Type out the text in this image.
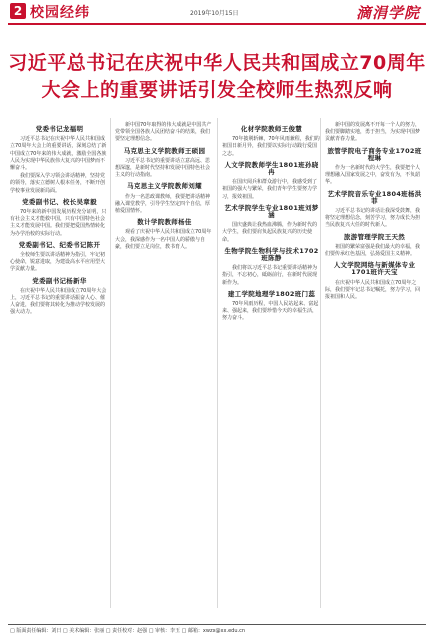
2 校园经纬	2019年10月15日	滴涓学院
习近平总书记在庆祝中华人民共和国成立70周年
大会上的重要讲话引发全校师生热烈反响
党委书记龙福明
习近平总书记在庆祝中华人民共和国成立70周年大会上的重要讲话，深刻总结了新中国成立70年来的伟大成就，激励全国各族人民为实现中华民族伟大复兴的中国梦而不懈奋斗。
我们要深入学习领会讲话精神，坚持党的领导，落实立德树人根本任务，不断开创学校事业发展新局面。
党委副书记、校长吴章毅
70年来的新中国发展历程充分证明，只有社会主义才能救中国，只有中国特色社会主义才能发展中国。我们要把爱国热情转化为办学治校的实际行动。
党委副书记、纪委书记陈开
全校师生要以讲话精神为指引，牢记初心使命，锐意进取，为建设高水平应用型大学贡献力量。
党委副书记杨新华
在庆祝中华人民共和国成立70周年大会上，习近平总书记的重要讲话振奋人心、催人奋进，我们要将其转化为推动学校发展的强大动力。
新中国70年取得的伟大成就是中国共产党带领全国各族人民团结奋斗的结果，我们要坚定理想信念。
马克思主义学院教师王硕园
习近平总书记的重要讲话立意高远、思想深邃，是新时代坚持和发展中国特色社会主义的行动指南。
马克思主义学院教师刘耀
作为一名思政课教师，我要把讲话精神融入课堂教学，引导学生坚定四个自信，厚植爱国情怀。
数计学院教师杨佳
观看了庆祝中华人民共和国成立70周年大会，我深感作为一名中国人的骄傲与自豪，我们要立足岗位，教书育人。
化材学院教师王俊慧
70年披荆斩棘，70年风雨兼程，我们的祖国日新月异，我们要以实际行动践行爱国之志。
人文学院教师学生1801班孙晓冉
在国庆阅兵和群众游行中，我感受到了祖国的强大与繁荣，我们青年学生要努力学习，报效祖国。
艺术学院学生专业1801班刘梦涵
国庆盛典让我热血沸腾，作为新时代的大学生，我们要肩负起民族复兴的历史使命。
生物学院生物科学与技术1702班陈静
我们将以习近平总书记重要讲话精神为指引，不忘初心，砥砺前行，在新时代展现新作为。
建工学院地理学1802班门蕊
70年风雨历程，中国人民站起来、富起来、强起来，我们要珍惜今天的幸福生活，努力奋斗。
新中国的发展离不开每一个人的努力，我们要脚踏实地，勇于担当，为实现中国梦贡献青春力量。
旅管学院电子商务专业1702班程琳
作为一名新时代的大学生，我要把个人理想融入国家发展之中，奋发有为，不负韶华。
艺术学院音乐专业1804班杨洪菲
习近平总书记的讲话让我深受鼓舞，我将坚定理想信念，刻苦学习，努力成长为担当民族复兴大任的时代新人。
旅游管理学院王天然
祖国的繁荣富强是我们最大的幸福，我们要传承红色基因，弘扬爱国主义精神。
人文学院网络与新媒体专业1701班许天宝
在庆祝中华人民共和国成立70周年之际，我们要牢记总书记嘱托，努力学习，回报祖国和人民。
□ 版面责任编辑：刘日 □ 美术编辑：张丽 □ 责任校对：赵强 □ 审核：李玉 □ 邮箱：xwzx@xx.edu.cn
